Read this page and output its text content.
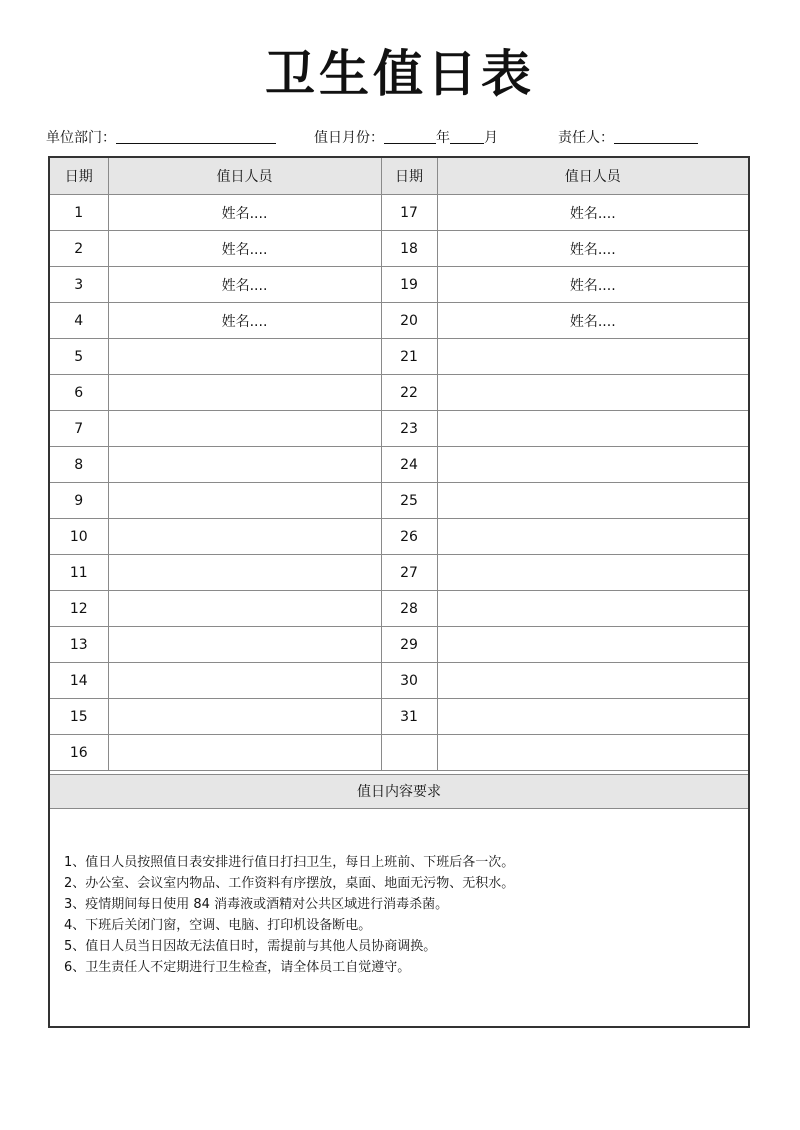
卫生值日表
单位部门：	值日月份：	年 月	责任人：
日期	值日人员	日期	值日人员
1	姓名....	17	姓名....
2	姓名....	18	姓名....
3	姓名....	19	姓名....
4	姓名....	20	姓名....
5		21	
6		22	
7		23	
8		24	
9		25	
10		26	
11		27	
12		28	
13		29	
14		30	
15		31	
16			
值日内容要求
1、值日人员按照值日表安排进行值日打扫卫生，每日上班前、下班后各一次。
2、办公室、会议室内物品、工作资料有序摆放，桌面、地面无污物、无积水。
3、疫情期间每日使用 84 消毒液或酒精对公共区域进行消毒杀菌。
4、下班后关闭门窗，空调、电脑、打印机设备断电。
5、值日人员当日因故无法值日时，需提前与其他人员协商调换。
6、卫生责任人不定期进行卫生检查，请全体员工自觉遵守。
